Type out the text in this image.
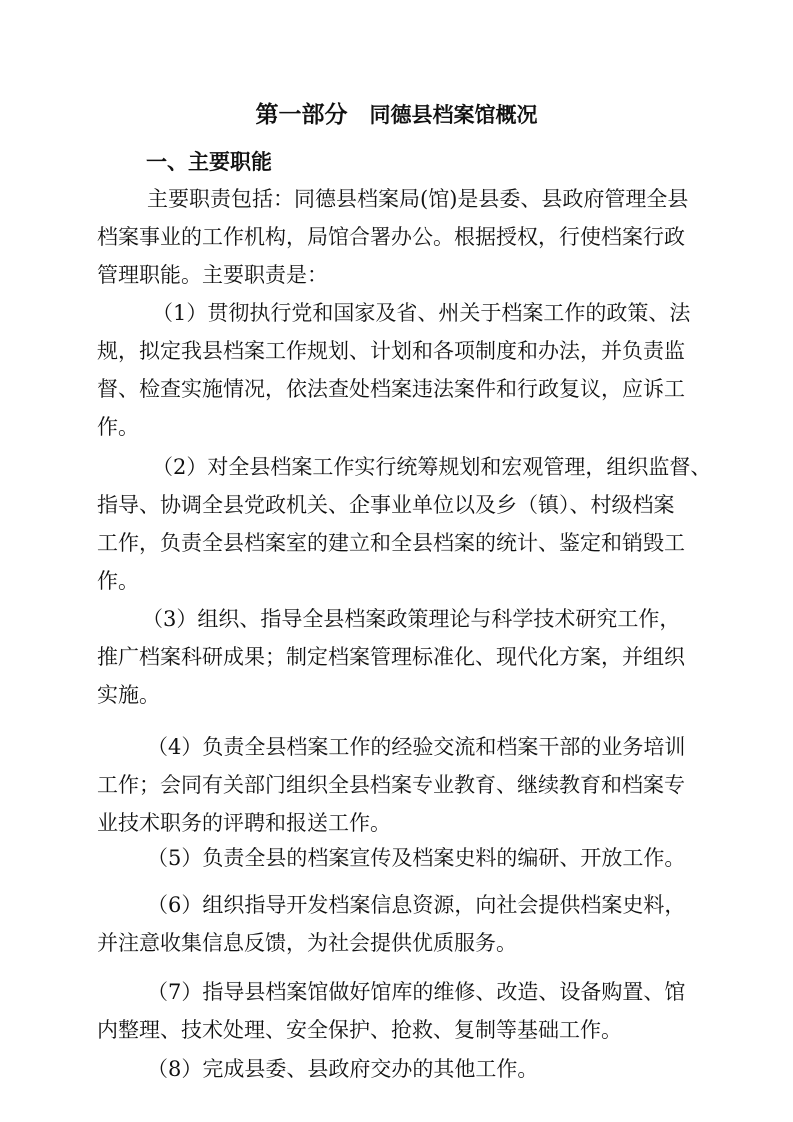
第一部分 同德县档案馆概况
一、主要职能
主要职责包括：同德县档案局(馆)是县委、县政府管理全县
档案事业的工作机构，局馆合署办公。根据授权，行使档案行政
管理职能。主要职责是：
（1）贯彻执行党和国家及省、州关于档案工作的政策、法
规，拟定我县档案工作规划、计划和各项制度和办法，并负责监
督、检查实施情况，依法查处档案违法案件和行政复议，应诉工
作。
（2）对全县档案工作实行统筹规划和宏观管理，组织监督、
指导、协调全县党政机关、企事业单位以及乡（镇）、村级档案
工作，负责全县档案室的建立和全县档案的统计、鉴定和销毁工
作。
（3）组织、指导全县档案政策理论与科学技术研究工作，
推广档案科研成果；制定档案管理标准化、现代化方案，并组织
实施。
（4）负责全县档案工作的经验交流和档案干部的业务培训
工作；会同有关部门组织全县档案专业教育、继续教育和档案专
业技术职务的评聘和报送工作。
（5）负责全县的档案宣传及档案史料的编研、开放工作。
（6）组织指导开发档案信息资源，向社会提供档案史料，
并注意收集信息反馈，为社会提供优质服务。
（7）指导县档案馆做好馆库的维修、改造、设备购置、馆
内整理、技术处理、安全保护、抢救、复制等基础工作。
（8）完成县委、县政府交办的其他工作。
